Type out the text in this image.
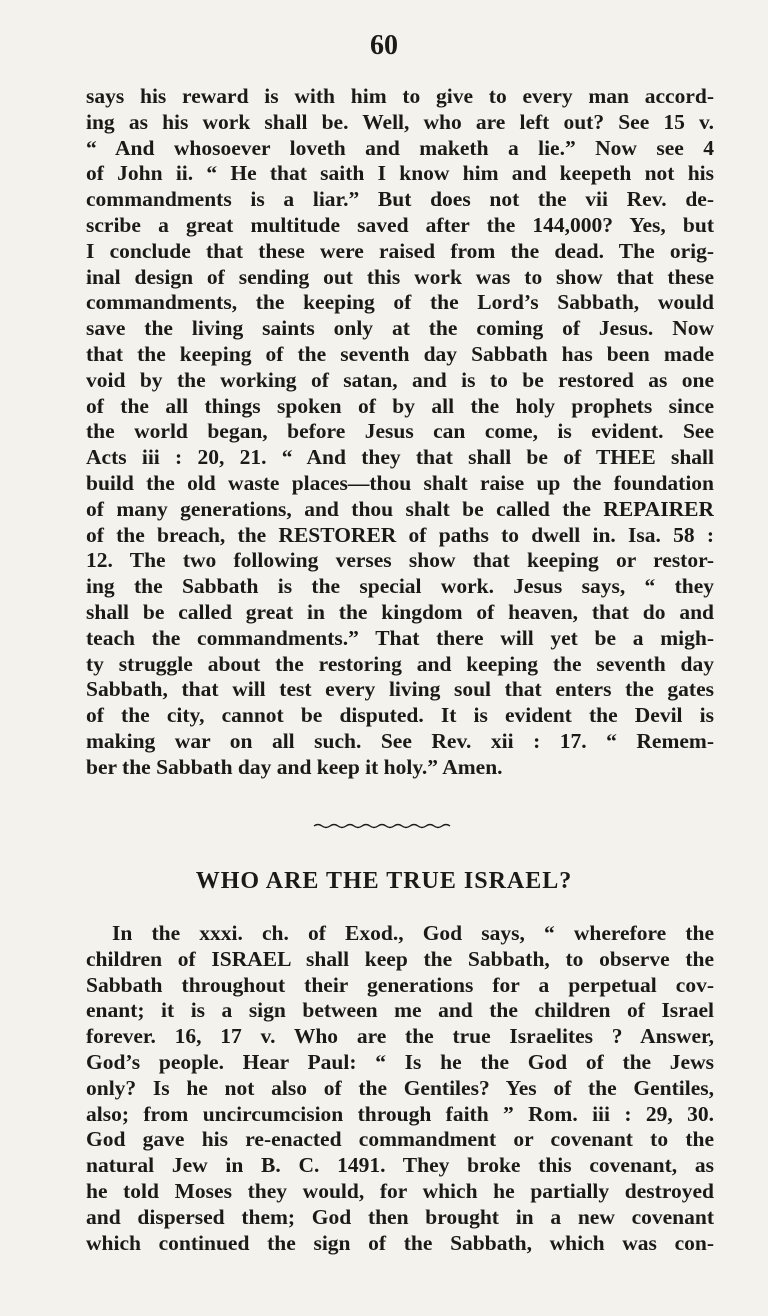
60
says his reward is with him to give to every man accord-
ing as his work shall be. Well, who are left out? See 15 v.
“ And whosoever loveth and maketh a lie.” Now see 4
of John ii. “ He that saith I know him and keepeth not his
commandments is a liar.” But does not the vii Rev. de-
scribe a great multitude saved after the 144,000? Yes, but
I conclude that these were raised from the dead. The orig-
inal design of sending out this work was to show that these
commandments, the keeping of the Lord’s Sabbath, would
save the living saints only at the coming of Jesus. Now
that the keeping of the seventh day Sabbath has been made
void by the working of satan, and is to be restored as one
of the all things spoken of by all the holy prophets since
the world began, before Jesus can come, is evident. See
Acts iii : 20, 21. “ And they that shall be of THEE shall
build the old waste places—thou shalt raise up the foundation
of many generations, and thou shalt be called the REPAIRER
of the breach, the RESTORER of paths to dwell in. Isa. 58 :
12. The two following verses show that keeping or restor-
ing the Sabbath is the special work. Jesus says, “ they
shall be called great in the kingdom of heaven, that do and
teach the commandments.” That there will yet be a migh-
ty struggle about the restoring and keeping the seventh day
Sabbath, that will test every living soul that enters the gates
of the city, cannot be disputed. It is evident the Devil is
making war on all such. See Rev. xii : 17. “ Remem-
ber the Sabbath day and keep it holy.” Amen.
WHO ARE THE TRUE ISRAEL?
In the xxxi. ch. of Exod., God says, “ wherefore the
children of ISRAEL shall keep the Sabbath, to observe the
Sabbath throughout their generations for a perpetual cov-
enant; it is a sign between me and the children of Israel
forever. 16, 17 v. Who are the true Israelites ? Answer,
God’s people. Hear Paul: “ Is he the God of the Jews
only? Is he not also of the Gentiles? Yes of the Gentiles,
also; from uncircumcision through faith ” Rom. iii : 29, 30.
God gave his re-enacted commandment or covenant to the
natural Jew in B. C. 1491. They broke this covenant, as
he told Moses they would, for which he partially destroyed
and dispersed them; God then brought in a new covenant
which continued the sign of the Sabbath, which was con-
